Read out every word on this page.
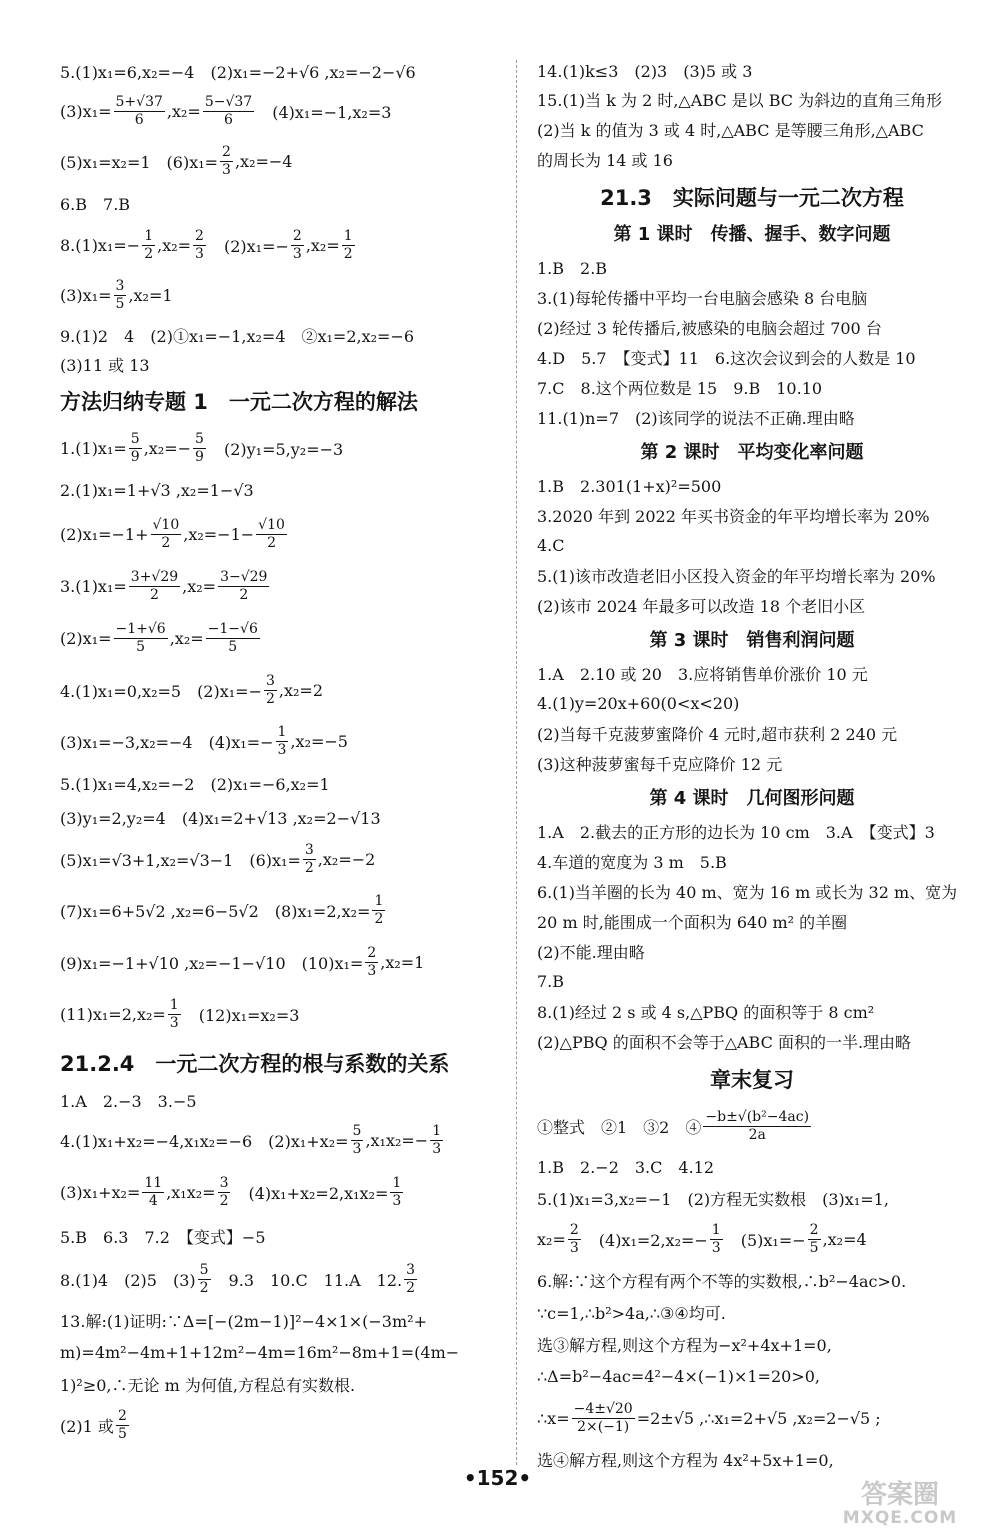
5.(1)x₁=6,x₂=−4　(2)x₁=−2+√6 ,x₂=−2−√6

$(3)x_1= \frac{5+√37}{6} ,x_2= \frac{5-√37}{6}$ 　(4)x₁=−1,x₂=3

(5)x₁=x₂=1　$(6)x_1= \frac{2}{3} ,x_2=-4$

6.B　7.B

$8.(1)x_1=- \frac{1}{2} ,x_2= \frac{2}{3}$ 　$(2)x_1=- \frac{2}{3} ,x_2= \frac{1}{2}$

$(3)x_1= \frac{3}{5} ,x_2=1$

9.(1)2　4　(2)①x₁=−1,x₂=4　②x₁=2,x₂=−6

(3)11 或 13

方法归纳专题 1　一元二次方程的解法

$1.(1)x_1= \frac{5}{9} ,x_2=- \frac{5}{9}$ 　(2)y₁=5,y₂=−3

2.(1)x₁=1+√3 ,x₂=1−√3

$(2)x_1=-1+ \frac{√10}{2} ,x_2=-1- \frac{√10}{2}$

$3.(1)x_1= \frac{3+√29}{2} ,x_2= \frac{3-√29}{2}$

$(2)x_1= \frac{-1+√6}{5} ,x_2= \frac{-1-√6}{5}$

4.(1)x₁=0,x₂=5　$(2)x_1=- \frac{3}{2} ,x_2=2$

(3)x₁=−3,x₂=−4　$(4)x_1=- \frac{1}{3} ,x_2=-5$

5.(1)x₁=4,x₂=−2　(2)x₁=−6,x₂=1

(3)y₁=2,y₂=4　(4)x₁=2+√13 ,x₂=2−√13

(5)x₁=√3+1,x₂=√3−1　$(6)x_1= \frac{3}{2} ,x_2=-2$

(7)x₁=6+5√2 ,x₂=6−5√2　$(8)x_1=2,x_2= \frac{1}{2}$

(9)x₁=−1+√10 ,x₂=−1−√10　$(10)x_1= \frac{2}{3} ,x_2=1$

$(11)x_1=2,x_2= \frac{1}{3}$ 　(12)x₁=x₂=3

21.2.4　一元二次方程的根与系数的关系

1.A　2.−3　3.−5

4.(1)x₁+x₂=−4,x₁x₂=−6　$(2)x_1+x_2= \frac{5}{3} ,x_1x_2=- \frac{1}{3}$

$(3)x_1+x_2= \frac{11}{4} ,x_1x_2= \frac{3}{2}$ 　$(4)x_1+x_2=2,x_1x_2= \frac{1}{3}$

5.B　6.3　7.2　【变式】−5

8.(1)4　(2)5　$(3) \frac{5}{2}$ 　9.3　10.C　11.A　12. $\frac{3}{2}$

13.解:(1)证明:∵Δ=[−(2m−1)]²−4×1×(−3m²+

m)=4m²−4m+1+12m²−4m=16m²−8m+1=(4m−

1)²≥0,∴无论 m 为何值,方程总有实数根.

(2)1 或 $\frac{2}{5}$

14.(1)k≤3　(2)3　(3)5 或 3

15.(1)当 k 为 2 时,△ABC 是以 BC 为斜边的直角三角形

(2)当 k 的值为 3 或 4 时,△ABC 是等腰三角形,△ABC

的周长为 14 或 16

21.3　实际问题与一元二次方程
第 1 课时　传播、握手、数字问题

1.B　2.B

3.(1)每轮传播中平均一台电脑会感染 8 台电脑

(2)经过 3 轮传播后,被感染的电脑会超过 700 台

4.D　5.7　【变式】11　6.这次会议到会的人数是 10

7.C　8.这个两位数是 15　9.B　10.10

11.(1)n=7　(2)该同学的说法不正确.理由略

第 2 课时　平均变化率问题

1.B　2.301(1+x)²=500

3.2020 年到 2022 年买书资金的年平均增长率为 20%

4.C

5.(1)该市改造老旧小区投入资金的年平均增长率为 20%

(2)该市 2024 年最多可以改造 18 个老旧小区

第 3 课时　销售利润问题

1.A　2.10 或 20　3.应将销售单价涨价 10 元

4.(1)y=20x+60(0<x<20)

(2)当每千克菠萝蜜降价 4 元时,超市获利 2 240 元

(3)这种菠萝蜜每千克应降价 12 元

第 4 课时　几何图形问题

1.A　2.截去的正方形的边长为 10 cm　3.A　【变式】3

4.车道的宽度为 3 m　5.B

6.(1)当羊圈的长为 40 m、宽为 16 m 或长为 32 m、宽为

20 m 时,能围成一个面积为 640 m² 的羊圈

(2)不能.理由略

7.B

8.(1)经过 2 s 或 4 s,△PBQ 的面积等于 8 cm²

(2)△PBQ 的面积不会等于△ABC 面积的一半.理由略

章末复习

①整式　②1　③2　④ $\frac{\text{−b±√(b²−4ac)}}{2a}$

1.B　2.−2　3.C　4.12

5.(1)x₁=3,x₂=−1　(2)方程无实数根　(3)x₁=1,

$x_2= \frac{2}{3}$ 　$(4)x_1=2,x_2=- \frac{1}{3}$ 　$(5)x_1=- \frac{2}{5} ,x_2=4$

6.解:∵这个方程有两个不等的实数根,∴b²−4ac>0.

∵c=1,∴b²>4a,∴③④均可.

选③解方程,则这个方程为−x²+4x+1=0,

∴Δ=b²−4ac=4²−4×(−1)×1=20>0,

∴x= $\frac{-4\pm√20}{2\times(-1)} =2\pm√5$ ,∴x₁=2+√5 ,x₂=2−√5 ;

选④解方程,则这个方程为 4x²+5x+1=0,

•152•
答案圈
MXQE.COM
